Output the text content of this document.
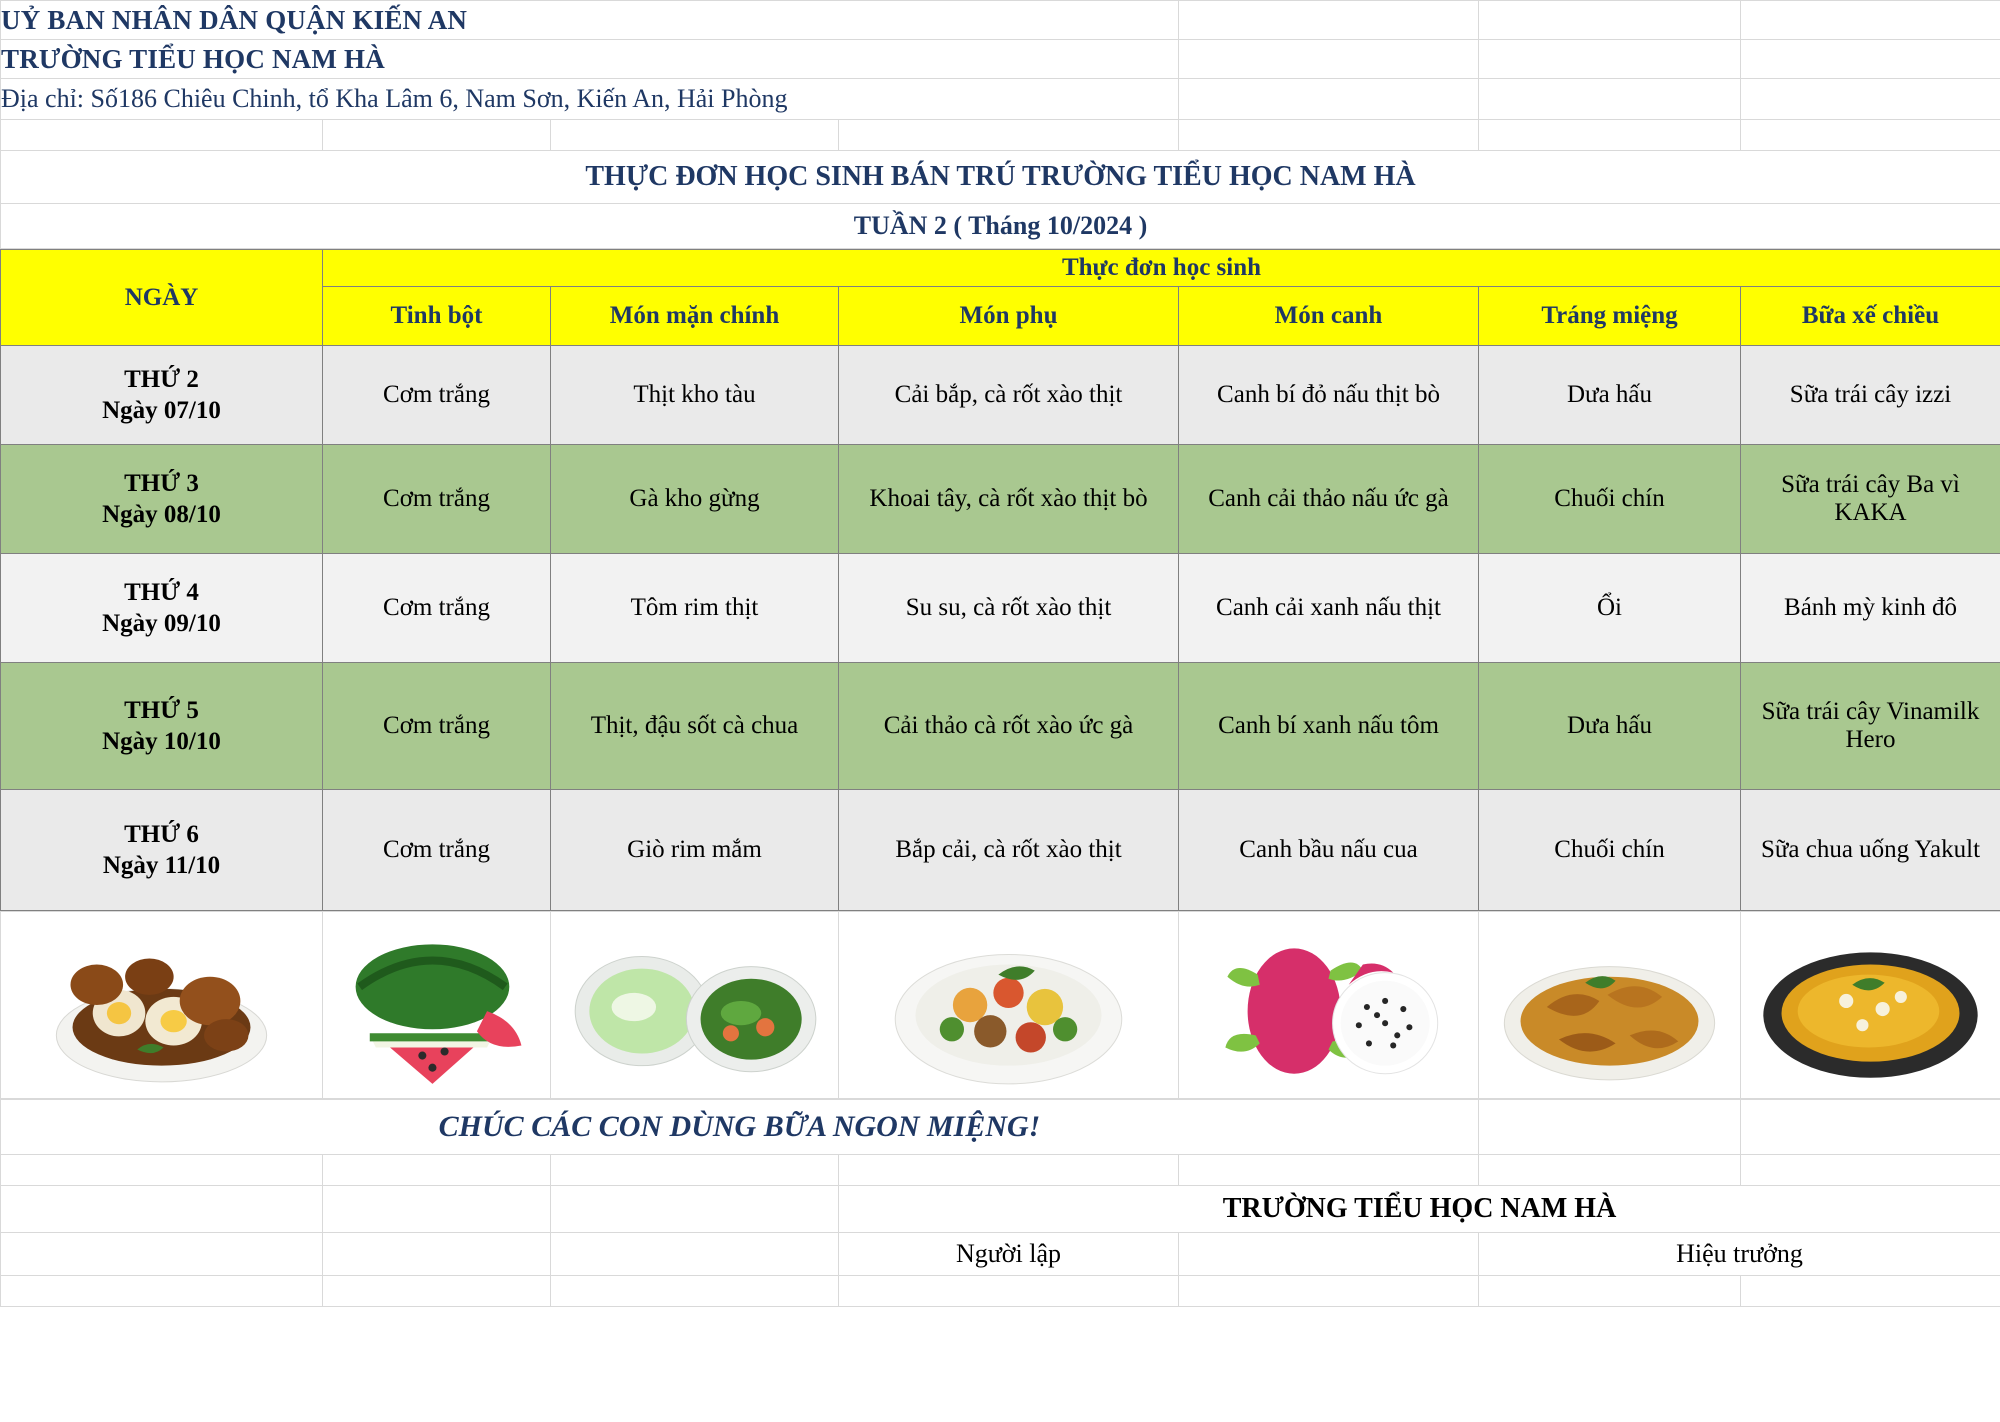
UỶ BAN NHÂN DÂN QUẬN KIẾN AN						

TRƯỜNG TIỂU HỌC NAM HÀ						

Địa chỉ: Số186 Chiêu Chinh, tổ Kha Lâm 6, Nam Sơn, Kiến An, Hải Phòng						

THỰC ĐƠN HỌC SINH BÁN TRÚ TRƯỜNG TIỂU HỌC NAM HÀ						
TUẦN 2 ( Tháng 10/2024 )						
NGÀY	Thực đơn học sinh					
	Tinh bột	Món mặn chính	Món phụ	Món canh	Tráng miệng	Bữa xế chiều

THỨ 2
Ngày 07/10	Cơm trắng	Thịt kho tàu	Cải bắp, cà rốt xào thịt	Canh bí đỏ nấu thịt bò	Dưa hấu	Sữa trái cây izzi

THỨ 3
Ngày 08/10	Cơm trắng	Gà kho gừng	Khoai tây, cà rốt xào thịt bò	Canh cải thảo nấu ức gà	Chuối chín	Sữa trái cây Ba vì KAKA

THỨ 4
Ngày 09/10	Cơm trắng	Tôm rim thịt	Su su, cà rốt xào thịt	Canh cải xanh nấu thịt	Ổi	Bánh mỳ kinh đô

THỨ 5
Ngày 10/10	Cơm trắng	Thịt, đậu sốt cà chua	Cải thảo cà rốt xào ức gà	Canh bí xanh nấu tôm	Dưa hấu	Sữa trái cây Vinamilk Hero

THỨ 6
Ngày 11/10	Cơm trắng	Giò rim mắm	Bắp cải, cà rốt xào thịt	Canh bầu nấu cua	Chuối chín	Sữa chua uống Yakult

CHÚC CÁC CON DÙNG BỮA NGON MIỆNG!						

			TRƯỜNG TIỂU HỌC NAM HÀ			
			Người lập		Hiệu trưởng	
